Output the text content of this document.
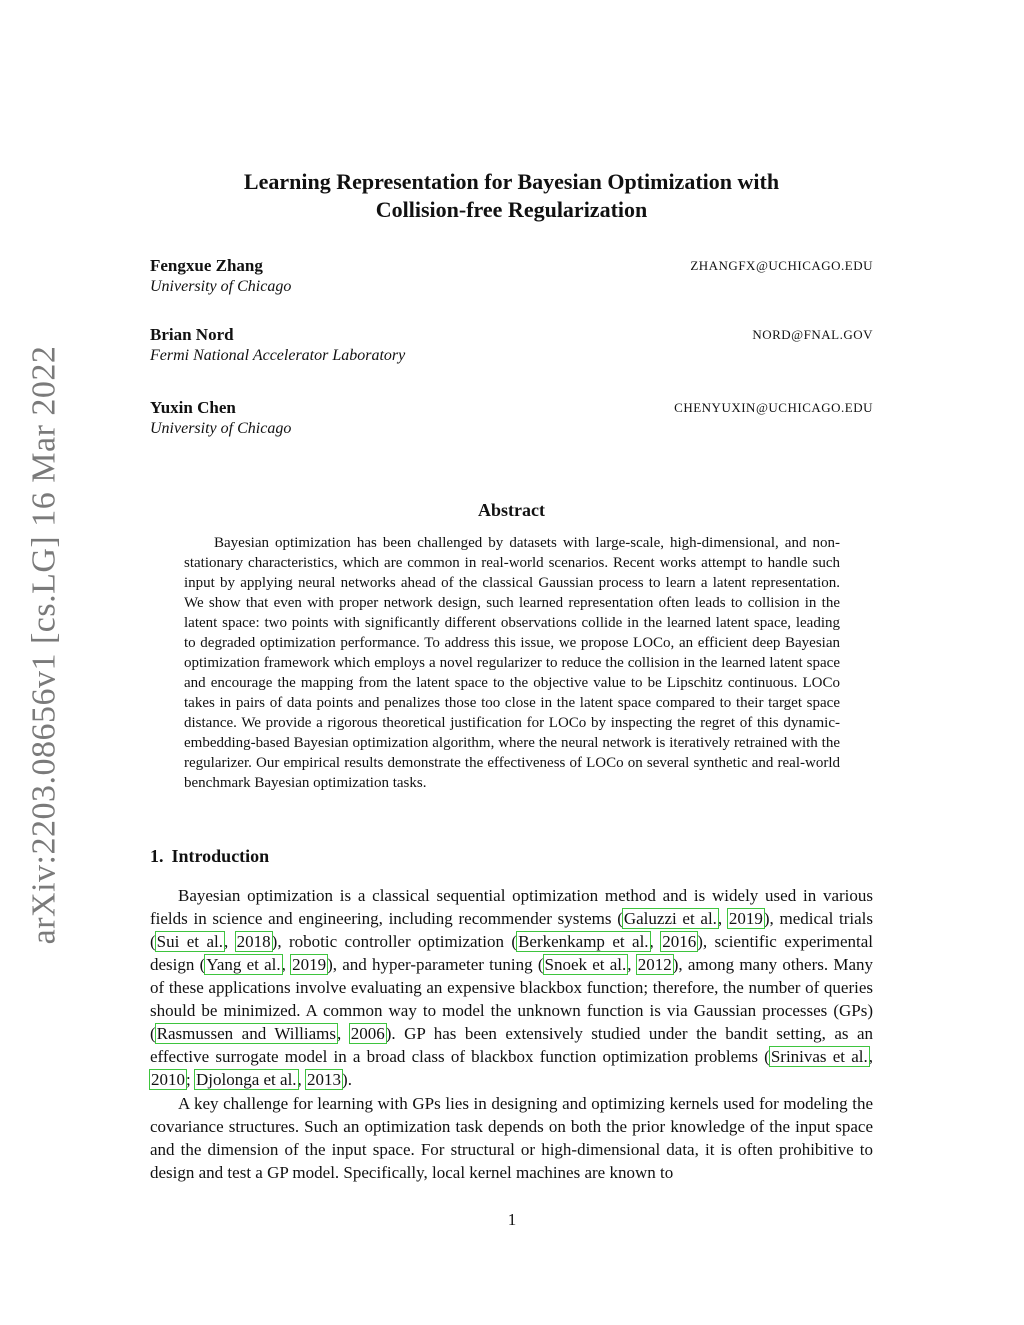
arXiv:2203.08656v1 [cs.LG] 16 Mar 2022
Learning Representation for Bayesian Optimization with
Collision-free Regularization
Fengxue Zhang
University of Chicago
ZHANGFX@UCHICAGO.EDU
Brian Nord
Fermi National Accelerator Laboratory
NORD@FNAL.GOV
Yuxin Chen
University of Chicago
CHENYUXIN@UCHICAGO.EDU
Abstract
Bayesian optimization has been challenged by datasets with large-scale, high-dimensional, and non-stationary characteristics, which are common in real-world scenarios. Recent works attempt to handle such input by applying neural networks ahead of the classical Gaussian process to learn a latent representation. We show that even with proper network design, such learned representation often leads to collision in the latent space: two points with significantly different observations collide in the learned latent space, leading to degraded optimization performance. To address this issue, we propose LOCo, an efficient deep Bayesian optimization framework which employs a novel regularizer to reduce the collision in the learned latent space and encourage the mapping from the latent space to the objective value to be Lipschitz continuous. LOCo takes in pairs of data points and penalizes those too close in the latent space compared to their target space distance. We provide a rigorous theoretical justification for LOCo by inspecting the regret of this dynamic-embedding-based Bayesian optimization algorithm, where the neural network is iteratively retrained with the regularizer. Our empirical results demonstrate the effectiveness of LOCo on several synthetic and real-world benchmark Bayesian optimization tasks.
1. Introduction
Bayesian optimization is a classical sequential optimization method and is widely used in various fields in science and engineering, including recommender systems (Galuzzi et al., 2019), medical trials (Sui et al., 2018), robotic controller optimization (Berkenkamp et al., 2016), scientific experimental design (Yang et al., 2019), and hyper-parameter tuning (Snoek et al., 2012), among many others. Many of these applications involve evaluating an expensive blackbox function; therefore, the number of queries should be minimized. A common way to model the unknown function is via Gaussian processes (GPs) (Rasmussen and Williams, 2006). GP has been extensively studied under the bandit setting, as an effective surrogate model in a broad class of blackbox function optimization problems (Srinivas et al., 2010; Djolonga et al., 2013).
A key challenge for learning with GPs lies in designing and optimizing kernels used for modeling the covariance structures. Such an optimization task depends on both the prior knowledge of the input space and the dimension of the input space. For structural or high-dimensional data, it is often prohibitive to design and test a GP model. Specifically, local kernel machines are known to
1
